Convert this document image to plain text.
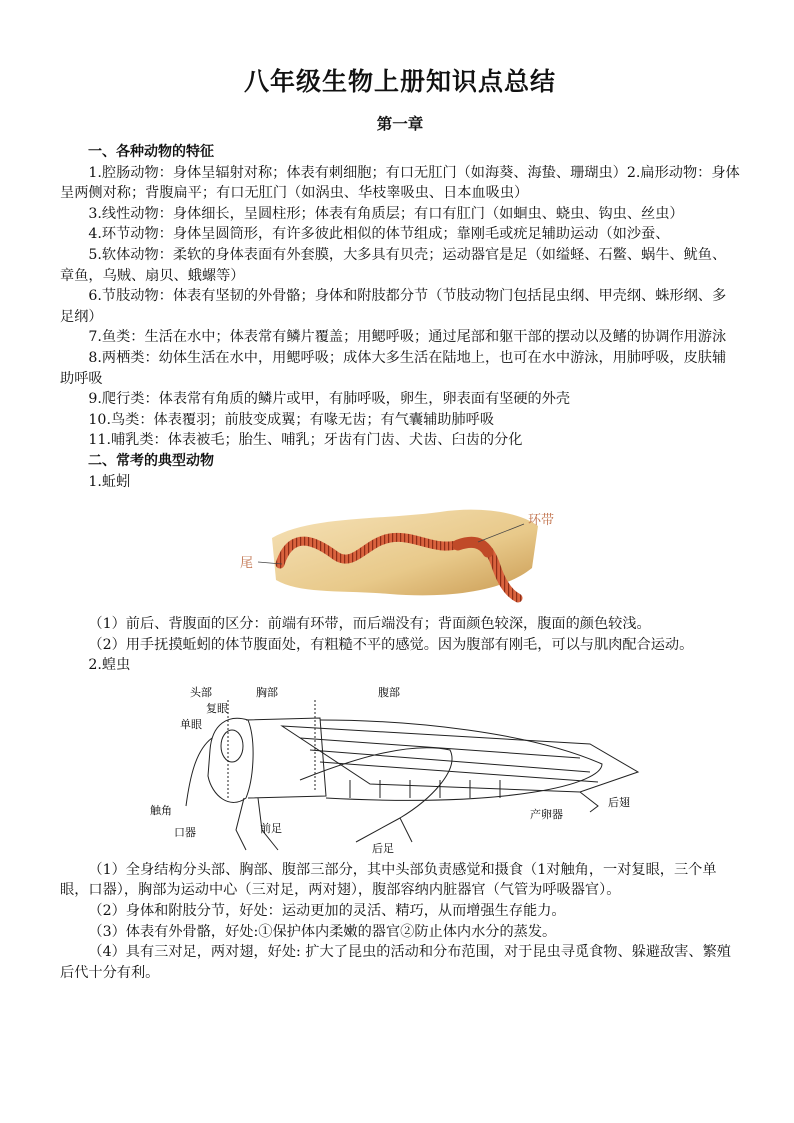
八年级生物上册知识点总结
第一章

一、各种动物的特征

1.腔肠动物：身体呈辐射对称；体表有刺细胞；有口无肛门（如海葵、海蛰、珊瑚虫）2.扁形动物：身体呈两侧对称；背腹扁平；有口无肛门（如涡虫、华枝睾吸虫、日本血吸虫）

3.线性动物：身体细长，呈圆柱形；体表有角质层；有口有肛门（如蛔虫、蛲虫、钩虫、丝虫）

4.环节动物：身体呈圆筒形，有许多彼此相似的体节组成；靠刚毛或疣足辅助运动（如沙蚕、

5.软体动物：柔软的身体表面有外套膜，大多具有贝壳；运动器官是足（如缢蛏、石鳖、蜗牛、鱿鱼、章鱼，乌贼、扇贝、蛾螺等）

6.节肢动物：体表有坚韧的外骨骼；身体和附肢都分节（节肢动物门包括昆虫纲、甲壳纲、蛛形纲、多足纲）

7.鱼类：生活在水中；体表常有鳞片覆盖；用鳃呼吸；通过尾部和躯干部的摆动以及鳍的协调作用游泳

8.两栖类：幼体生活在水中，用鳃呼吸；成体大多生活在陆地上，也可在水中游泳，用肺呼吸，皮肤辅助呼吸

9.爬行类：体表常有角质的鳞片或甲，有肺呼吸，卵生，卵表面有坚硬的外壳

10.鸟类：体表覆羽；前肢变成翼；有喙无齿；有气囊辅助肺呼吸

11.哺乳类：体表被毛；胎生、哺乳；牙齿有门齿、犬齿、臼齿的分化

二、常考的典型动物

1.蚯蚓

尾
环带

（1）前后、背腹面的区分：前端有环带，而后端没有；背面颜色较深，腹面的颜色较浅。

（2）用手抚摸蚯蚓的体节腹面处，有粗糙不平的感觉。因为腹部有刚毛，可以与肌肉配合运动。

2.蝗虫

头部	胸部	腹部
复眼
单眼
触角
口器	前足
后足
产卵器
后翅

（1）全身结构分头部、胸部、腹部三部分，其中头部负责感觉和摄食（1对触角，一对复眼，三个单眼，口器），胸部为运动中心（三对足，两对翅），腹部容纳内脏器官（气管为呼吸器官）。

（2）身体和附肢分节，好处：运动更加的灵活、精巧，从而增强生存能力。

（3）体表有外骨骼，好处:①保护体内柔嫩的器官②防止体内水分的蒸发。

（4）具有三对足，两对翅，好处: 扩大了昆虫的活动和分布范围，对于昆虫寻觅食物、躲避敌害、繁殖后代十分有利。
